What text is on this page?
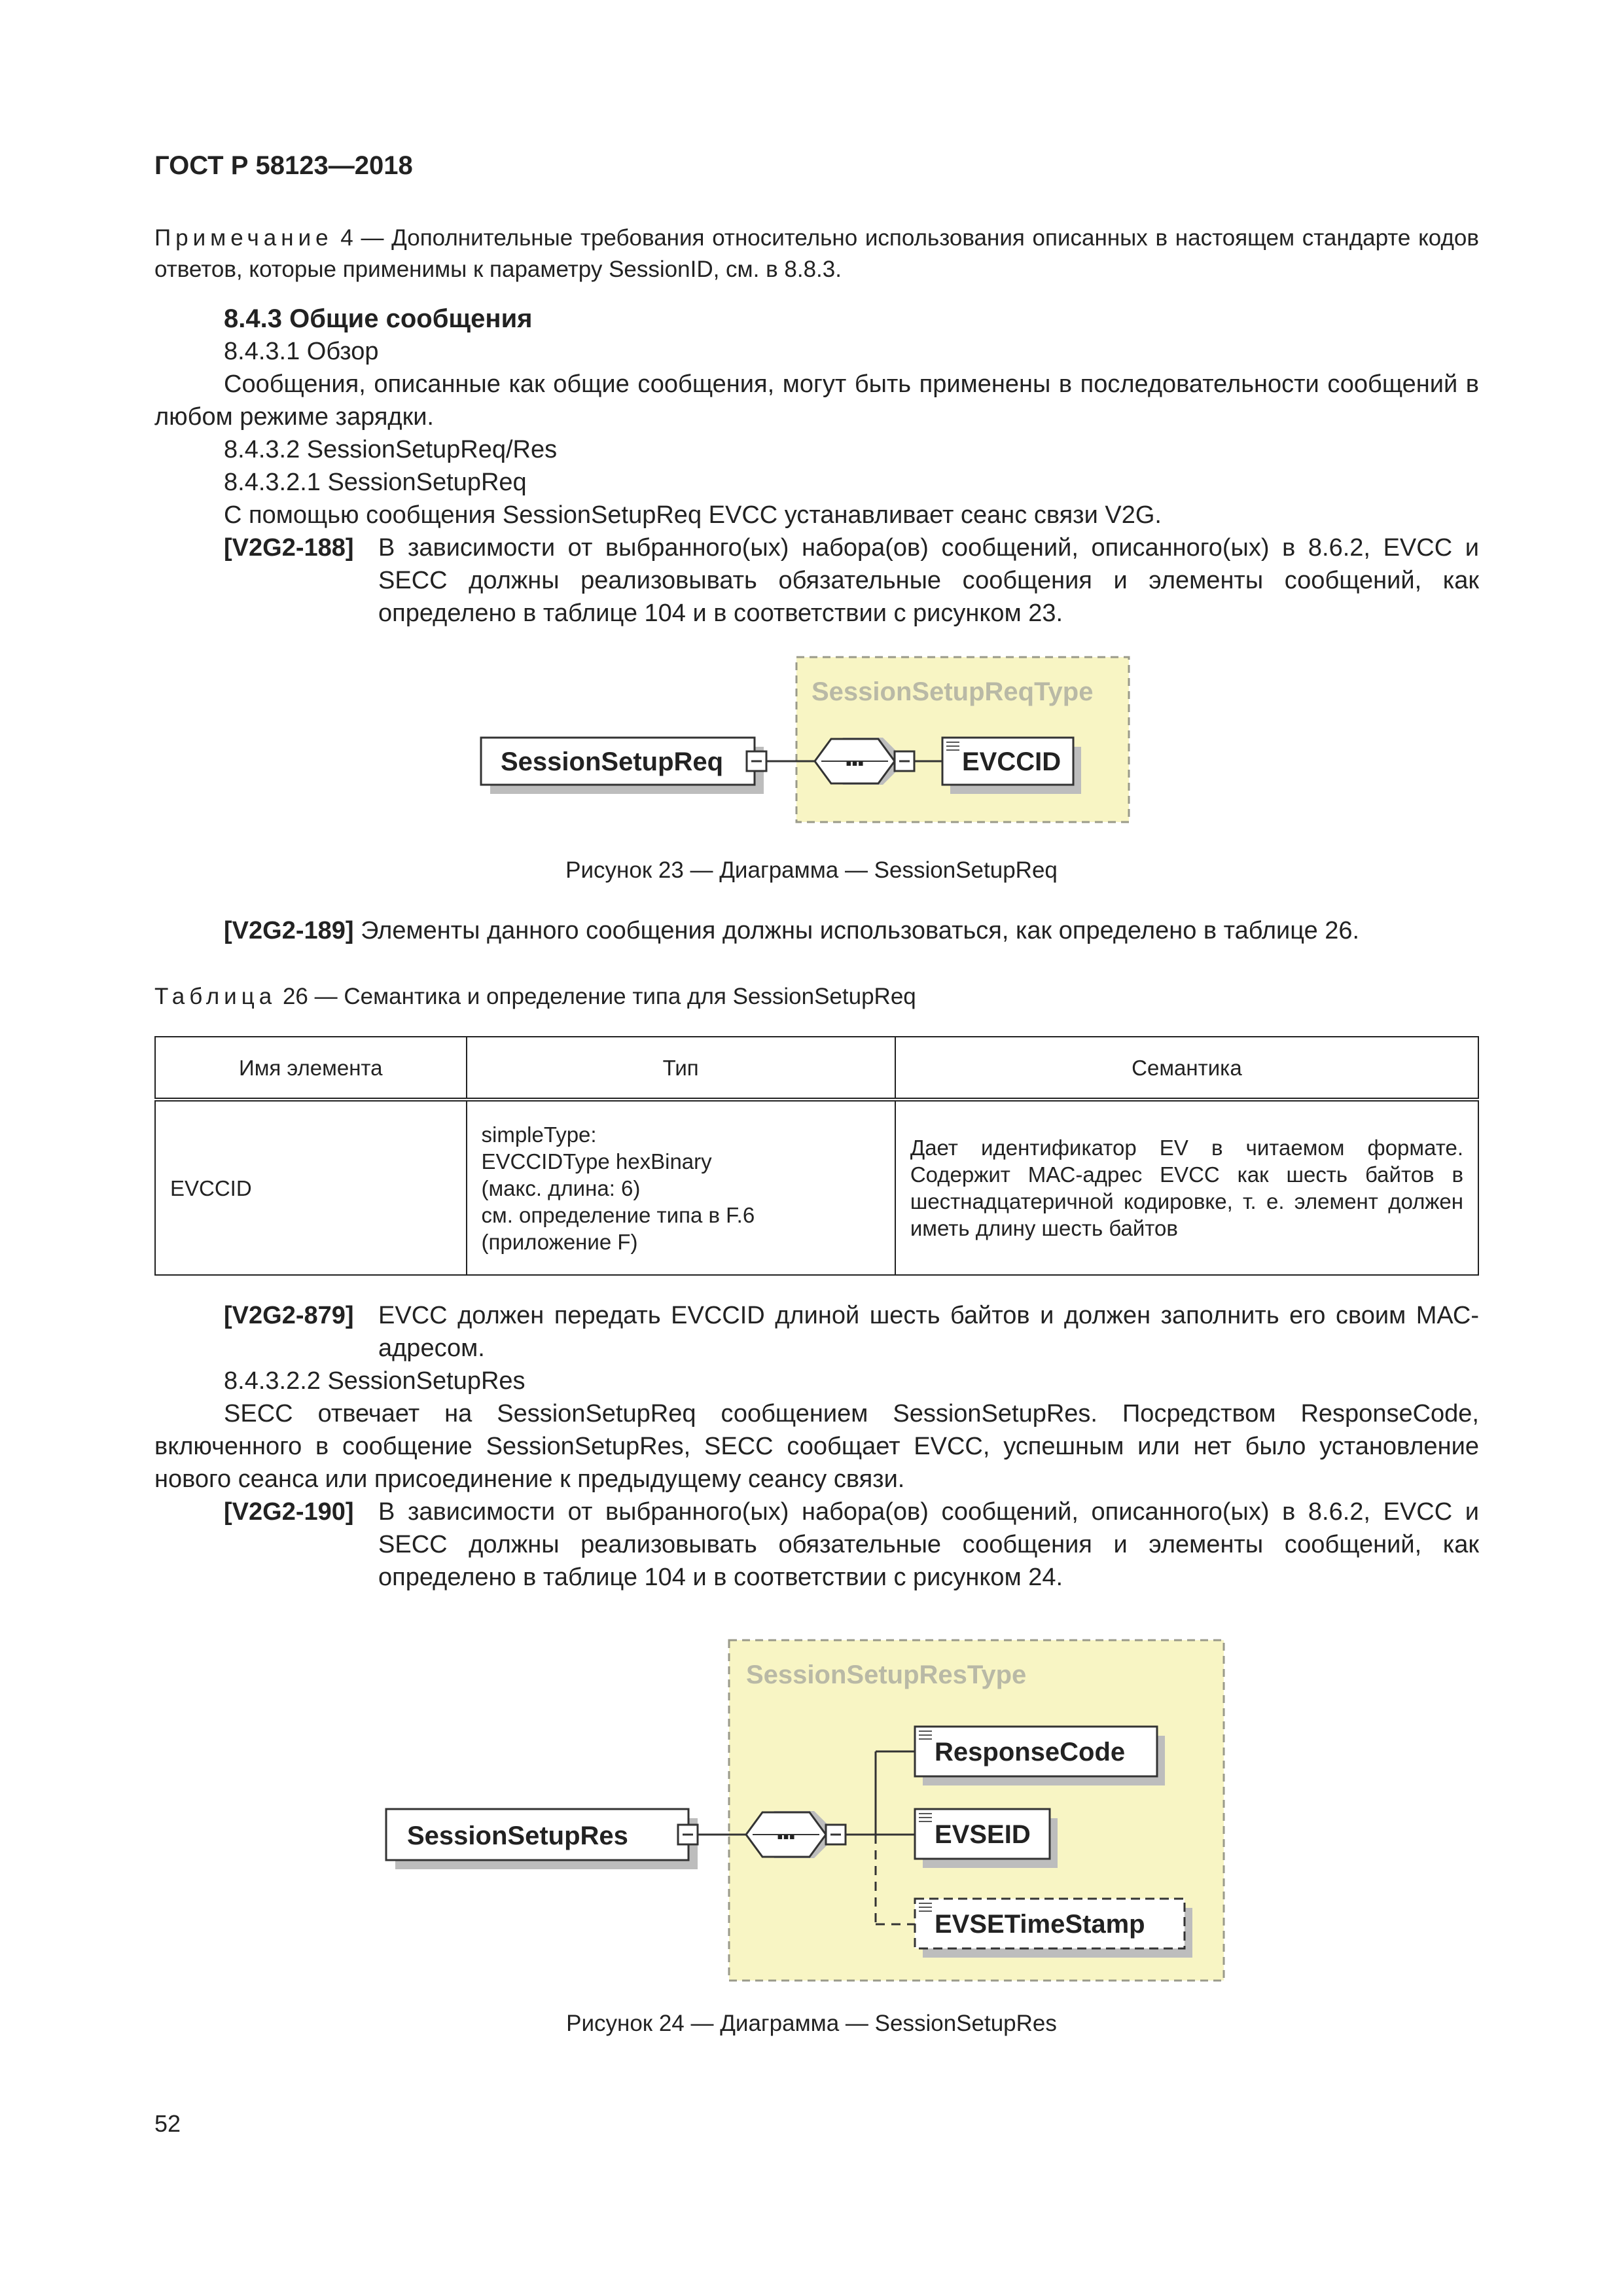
ГОСТ Р 58123—2018
Примечание 4 — Дополнительные требования относительно использования описанных в настоящем стандарте кодов ответов, которые применимы к параметру SessionID, см. в 8.8.3.
8.4.3 Общие сообщения
8.4.3.1 Обзор
Сообщения, описанные как общие сообщения, могут быть применены в последовательности сообщений в любом режиме зарядки.
8.4.3.2 SessionSetupReq/Res
8.4.3.2.1 SessionSetupReq
С помощью сообщения SessionSetupReq EVCC устанавливает сеанс связи V2G.
[V2G2-188] В зависимости от выбранного(ых) набора(ов) сообщений, описанного(ых) в 8.6.2, EVCC и SECC должны реализовывать обязательные сообщения и элементы сообщений, как определено в таблице 104 и в соответствии с рисунком 23.
SessionSetupReqType
SessionSetupReq	▪▪▪	EVCCID
Рисунок 23 — Диаграмма — SessionSetupReq
[V2G2-189] Элементы данного сообщения должны использоваться, как определено в таблице 26.
Таблица 26 — Семантика и определение типа для SessionSetupReq
Имя элемента	Тип	Семантика
EVCCID	simpleType:
EVCCIDType hexBinary
(макс. длина: 6)
см. определение типа в F.6
(приложение F)	Дает идентификатор EV в читаемом формате. Содержит МАС-адрес EVCC как шесть байтов в шестнадцатеричной кодировке, т. е. элемент должен иметь длину шесть байтов
[V2G2-879] EVCC должен передать EVCCID длиной шесть байтов и должен заполнить его своим МАС-адресом.
8.4.3.2.2 SessionSetupRes
SECC отвечает на SessionSetupReq сообщением SessionSetupRes. Посредством ResponseCode, включенного в сообщение SessionSetupRes, SECC сообщает EVCC, успешным или нет было установление нового сеанса или присоединение к предыдущему сеансу связи.
[V2G2-190] В зависимости от выбранного(ых) набора(ов) сообщений, описанного(ых) в 8.6.2, EVCC и SECC должны реализовывать обязательные сообщения и элементы сообщений, как определено в таблице 104 и в соответствии с рисунком 24.
SessionSetupResType
SessionSetupRes	▪▪▪
ResponseCode
EVSEID
EVSETimeStamp
Рисунок 24 — Диаграмма — SessionSetupRes
52
